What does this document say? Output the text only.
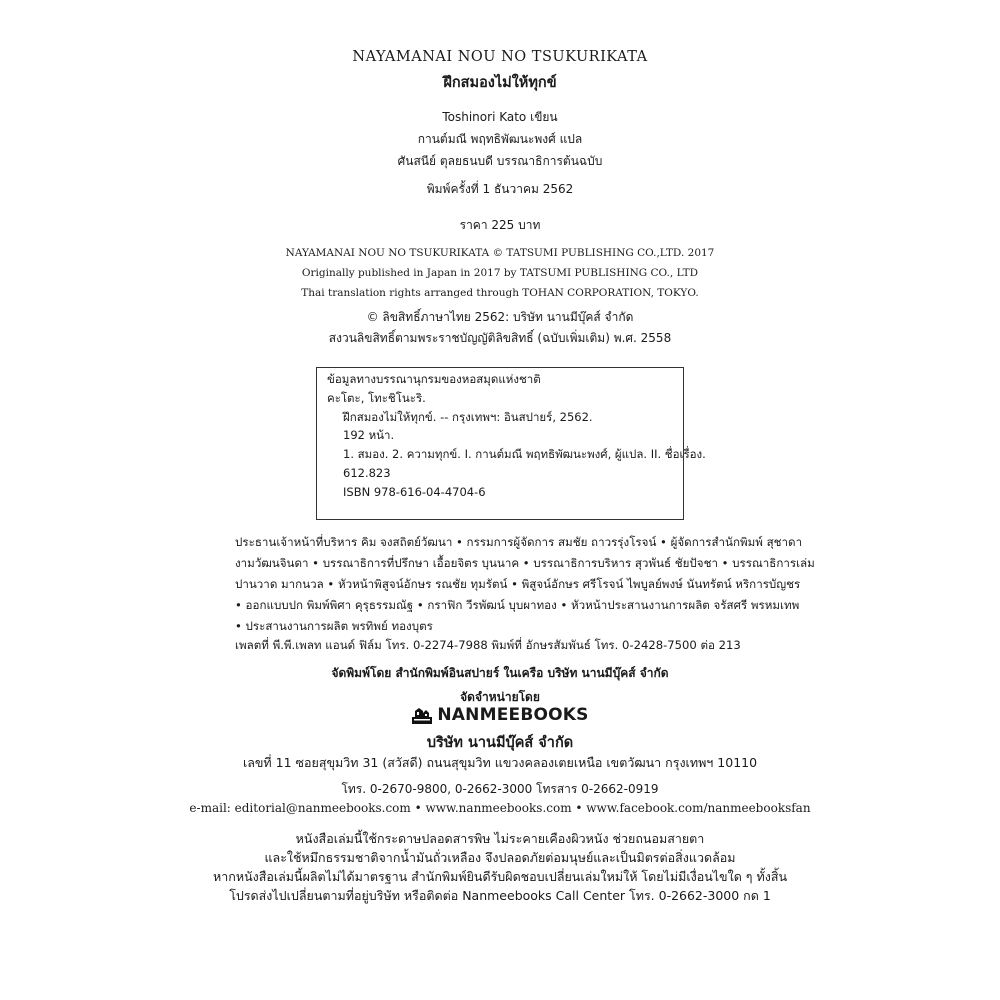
NAYAMANAI NOU NO TSUKURIKATA
ฝึกสมองไม่ให้ทุกข์
Toshinori Kato เขียน
กานต์มณี พฤทธิพัฒนะพงศ์ แปล
ศันสนีย์ ตุลยธนบดี บรรณาธิการต้นฉบับ
พิมพ์ครั้งที่ 1 ธันวาคม 2562
ราคา 225 บาท
NAYAMANAI NOU NO TSUKURIKATA © TATSUMI PUBLISHING CO.,LTD. 2017
Originally published in Japan in 2017 by TATSUMI PUBLISHING CO., LTD
Thai translation rights arranged through TOHAN CORPORATION, TOKYO.
© ลิขสิทธิ์ภาษาไทย 2562: บริษัท นานมีบุ๊คส์ จำกัด
สงวนลิขสิทธิ์ตามพระราชบัญญัติลิขสิทธิ์ (ฉบับเพิ่มเติม) พ.ศ. 2558
ข้อมูลทางบรรณานุกรมของหอสมุดแห่งชาติ
คะโตะ, โทะชิโนะริ.
ฝึกสมองไม่ให้ทุกข์. -- กรุงเทพฯ: อินสปายร์, 2562.
192 หน้า.
1. สมอง. 2. ความทุกข์. I. กานต์มณี พฤทธิพัฒนะพงศ์, ผู้แปล. II. ชื่อเรื่อง.
612.823
ISBN 978-616-04-4704-6
ประธานเจ้าหน้าที่บริหาร คิม จงสถิตย์วัฒนา • กรรมการผู้จัดการ สมชัย ถาวรรุ่งโรจน์ • ผู้จัดการสำนักพิมพ์ สุชาดา
งามวัฒนจินดา • บรรณาธิการที่ปรึกษา เอื้อยจิตร บุนนาค • บรรณาธิการบริหาร สุวพันธ์ ชัยปัจชา • บรรณาธิการเล่ม
ปานวาด มากนวล • หัวหน้าพิสูจน์อักษร รณชัย ทุมรัตน์ • พิสูจน์อักษร ศรีโรจน์ ไพบูลย์พงษ์ นันทรัตน์ หริการบัญชร
• ออกแบบปก พิมพ์พิศา คุรุธรรมณัฐ • กราฟิก วีรพัฒน์ บุบผาทอง • หัวหน้าประสานงานการผลิต จรัสศรี พรหมเทพ
• ประสานงานการผลิต พรทิพย์ ทองบุตร
เพลตที่ พี.พี.เพลท แอนด์ ฟิล์ม โทร. 0-2274-7988 พิมพ์ที่ อักษรสัมพันธ์ โทร. 0-2428-7500 ต่อ 213
จัดพิมพ์โดย สำนักพิมพ์อินสปายร์ ในเครือ บริษัท นานมีบุ๊คส์ จำกัด
จัดจำหน่ายโดย
NANMEEBOOKS
บริษัท นานมีบุ๊คส์ จำกัด
เลขที่ 11 ซอยสุขุมวิท 31 (สวัสดี) ถนนสุขุมวิท แขวงคลองเตยเหนือ เขตวัฒนา กรุงเทพฯ 10110
โทร. 0-2670-9800, 0-2662-3000 โทรสาร 0-2662-0919
e-mail: editorial@nanmeebooks.com • www.nanmeebooks.com • www.facebook.com/nanmeebooksfan
หนังสือเล่มนี้ใช้กระดาษปลอดสารพิษ ไม่ระคายเคืองผิวหนัง ช่วยถนอมสายตา
และใช้หมึกธรรมชาติจากน้ำมันถั่วเหลือง จึงปลอดภัยต่อมนุษย์และเป็นมิตรต่อสิ่งแวดล้อม
หากหนังสือเล่มนี้ผลิตไม่ได้มาตรฐาน สำนักพิมพ์ยินดีรับผิดชอบเปลี่ยนเล่มใหม่ให้ โดยไม่มีเงื่อนไขใด ๆ ทั้งสิ้น
โปรดส่งไปเปลี่ยนตามที่อยู่บริษัท หรือติดต่อ Nanmeebooks Call Center โทร. 0-2662-3000 กด 1
